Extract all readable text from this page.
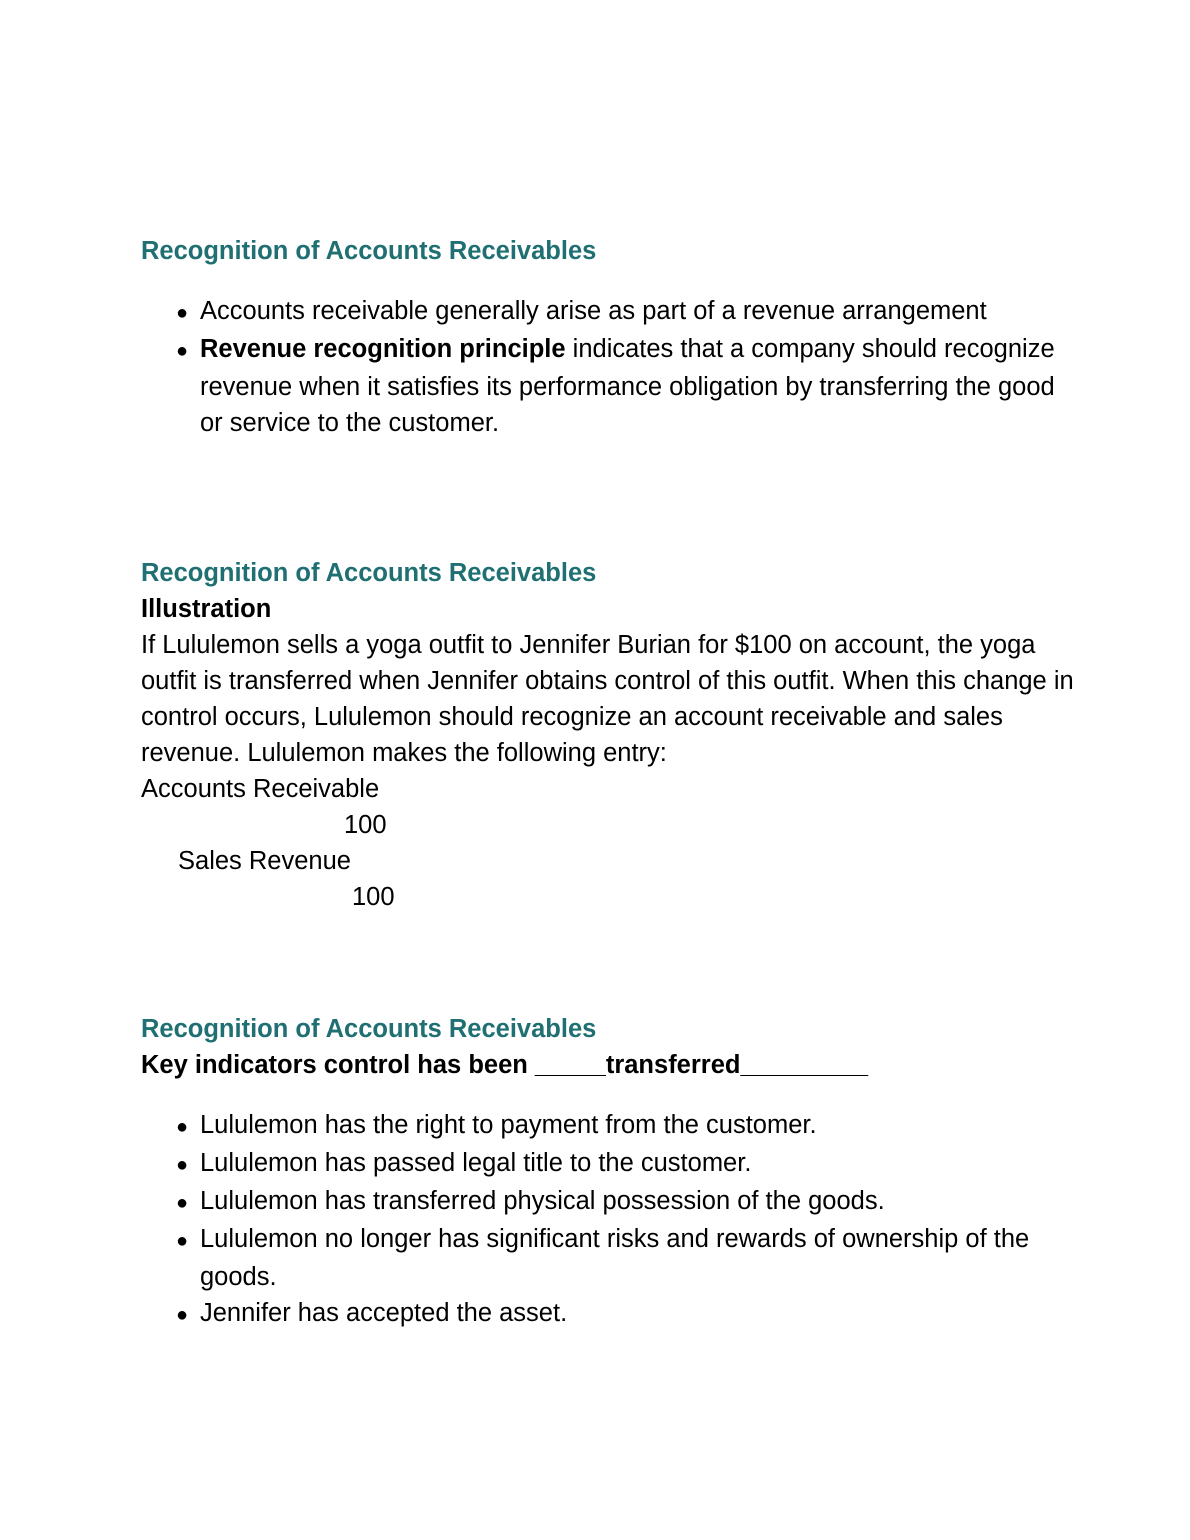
Recognition of Accounts Receivables
● Accounts receivable generally arise as part of a revenue arrangement
● Revenue recognition principle indicates that a company should recognize revenue when it satisfies its performance obligation by transferring the good or service to the customer.
Recognition of Accounts Receivables

Illustration

If Lululemon sells a yoga outfit to Jennifer Burian for $100 on account, the yoga outfit is transferred when Jennifer obtains control of this outfit. When this change in control occurs, Lululemon should recognize an account receivable and sales revenue. Lululemon makes the following entry:

Accounts Receivable

100

Sales Revenue

100

Recognition of Accounts Receivables

Key indicators control has been _____transferred_________

● Lululemon has the right to payment from the customer.
● Lululemon has passed legal title to the customer.
● Lululemon has transferred physical possession of the goods.
● Lululemon no longer has significant risks and rewards of ownership of the goods.
● Jennifer has accepted the asset.
